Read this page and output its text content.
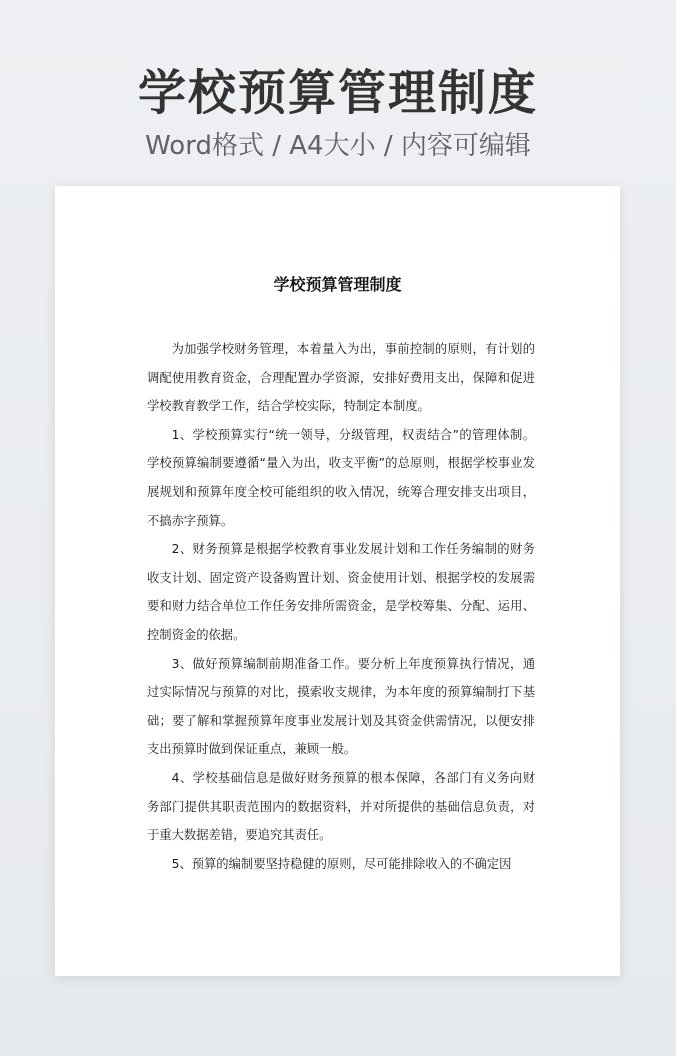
学校预算管理制度
Word格式 / A4大小 / 内容可编辑
学校预算管理制度

为加强学校财务管理，本着量入为出，事前控制的原则，有计划的调配使用教育资金，合理配置办学资源，安排好费用支出，保障和促进学校教育教学工作，结合学校实际，特制定本制度。

1、学校预算实行“统一领导，分级管理，权责结合”的管理体制。学校预算编制要遵循“量入为出，收支平衡”的总原则，根据学校事业发展规划和预算年度全校可能组织的收入情况，统筹合理安排支出项目，不搞赤字预算。

2、财务预算是根据学校教育事业发展计划和工作任务编制的财务收支计划、固定资产设备购置计划、资金使用计划、根据学校的发展需要和财力结合单位工作任务安排所需资金，是学校筹集、分配、运用、控制资金的依据。

3、做好预算编制前期准备工作。要分析上年度预算执行情况，通过实际情况与预算的对比，摸索收支规律，为本年度的预算编制打下基础；要了解和掌握预算年度事业发展计划及其资金供需情况，以便安排支出预算时做到保证重点，兼顾一般。

4、学校基础信息是做好财务预算的根本保障，各部门有义务向财务部门提供其职责范围内的数据资料，并对所提供的基础信息负责，对于重大数据差错，要追究其责任。

5、预算的编制要坚持稳健的原则，尽可能排除收入的不确定因
